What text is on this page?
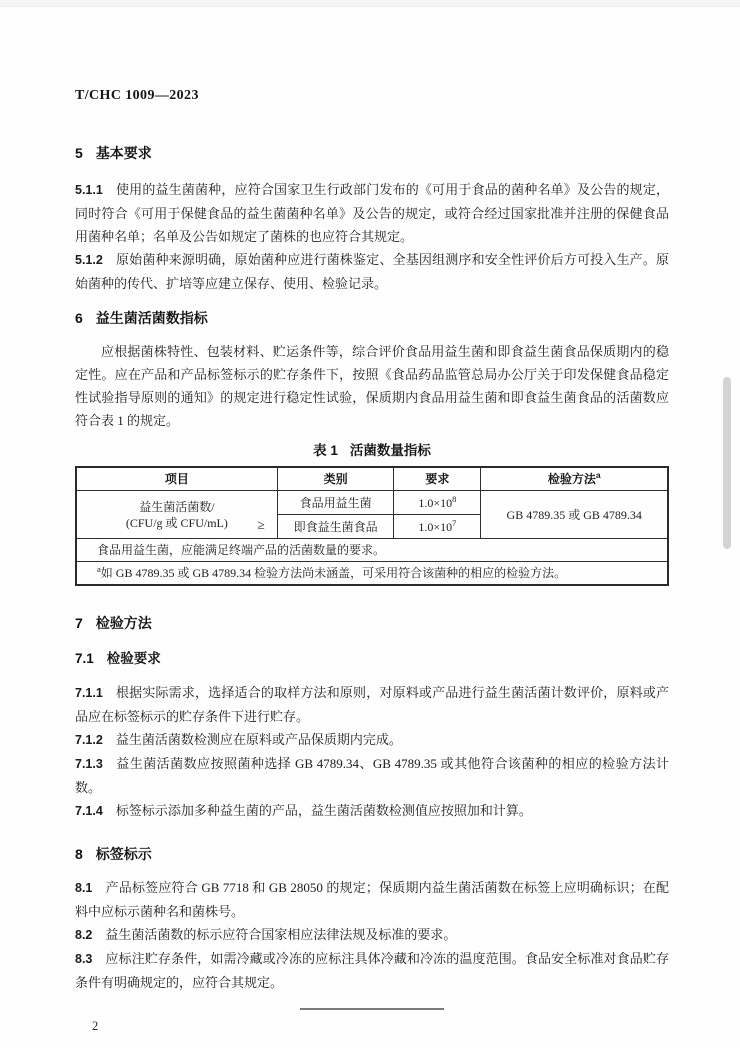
T/CHC 1009—2023
5 基本要求

5.1.1 使用的益生菌菌种，应符合国家卫生行政部门发布的《可用于食品的菌种名单》及公告的规定，同时符合《可用于保健食品的益生菌菌种名单》及公告的规定，或符合经过国家批准并注册的保健食品用菌种名单；名单及公告如规定了菌株的也应符合其规定。

5.1.2 原始菌种来源明确，原始菌种应进行菌株鉴定、全基因组测序和安全性评价后方可投入生产。原始菌种的传代、扩培等应建立保存、使用、检验记录。

6 益生菌活菌数指标

应根据菌株特性、包装材料、贮运条件等，综合评价食品用益生菌和即食益生菌食品保质期内的稳定性。应在产品和产品标签标示的贮存条件下，按照《食品药品监管总局办公厅关于印发保健食品稳定性试验指导原则的通知》的规定进行稳定性试验，保质期内食品用益生菌和即食益生菌食品的活菌数应符合表 1 的规定。

表 1 活菌数量指标
项目	类别	要求	检验方法$^a$

益生菌活菌数/
(CFU/g 或 CFU/mL) ≥	食品用益生菌	$1.0\times 10^8$	GB 4789.35 或 GB 4789.34
	即食益生菌食品	$1.0\times 10^7$
食品用益生菌，应能满足终端产品的活菌数量的要求。			
$^a$如 GB 4789.35 或 GB 4789.34 检验方法尚未涵盖，可采用符合该菌种的相应的检验方法。			
7 检验方法
7.1 检验要求

7.1.1 根据实际需求，选择适合的取样方法和原则，对原料或产品进行益生菌活菌计数评价，原料或产品应在标签标示的贮存条件下进行贮存。

7.1.2 益生菌活菌数检测应在原料或产品保质期内完成。

7.1.3 益生菌活菌数应按照菌种选择 GB 4789.34、GB 4789.35 或其他符合该菌种的相应的检验方法计数。

7.1.4 标签标示添加多种益生菌的产品，益生菌活菌数检测值应按照加和计算。

8 标签标示

8.1 产品标签应符合 GB 7718 和 GB 28050 的规定；保质期内益生菌活菌数在标签上应明确标识；在配料中应标示菌种名和菌株号。

8.2 益生菌活菌数的标示应符合国家相应法律法规及标准的要求。

8.3 应标注贮存条件，如需冷藏或冷冻的应标注具体冷藏和冷冻的温度范围。食品安全标准对食品贮存条件有明确规定的，应符合其规定。

2
